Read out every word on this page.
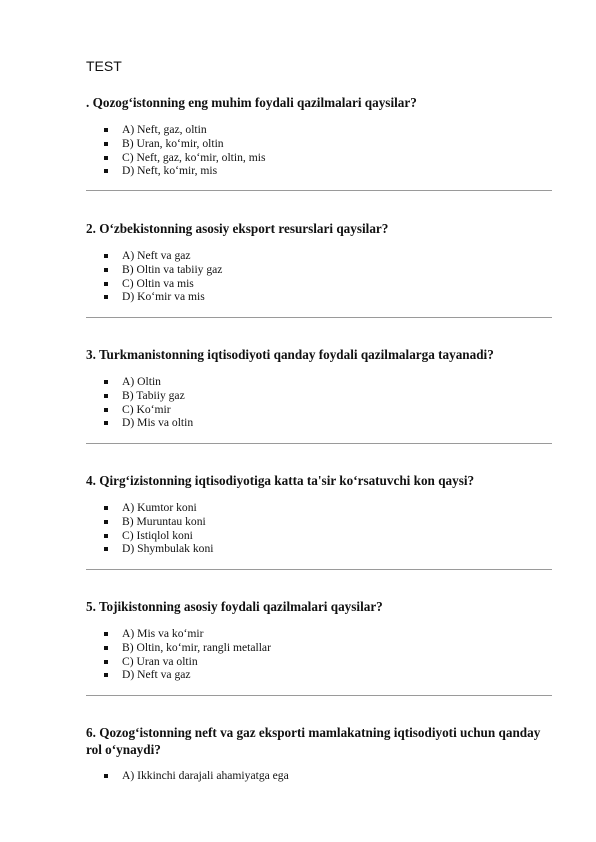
TEST
. Qozog‘istonning eng muhim foydali qazilmalari qaysilar?
A) Neft, gaz, oltin
B) Uran, ko‘mir, oltin
C) Neft, gaz, ko‘mir, oltin, mis
D) Neft, ko‘mir, mis
2. O‘zbekistonning asosiy eksport resurslari qaysilar?
A) Neft va gaz
B) Oltin va tabiiy gaz
C) Oltin va mis
D) Ko‘mir va mis
3. Turkmanistonning iqtisodiyoti qanday foydali qazilmalarga tayanadi?
A) Oltin
B) Tabiiy gaz
C) Ko‘mir
D) Mis va oltin
4. Qirg‘izistonning iqtisodiyotiga katta ta'sir ko‘rsatuvchi kon qaysi?
A) Kumtor koni
B) Muruntau koni
C) Istiqlol koni
D) Shymbulak koni
5. Tojikistonning asosiy foydali qazilmalari qaysilar?
A) Mis va ko‘mir
B) Oltin, ko‘mir, rangli metallar
C) Uran va oltin
D) Neft va gaz
6. Qozog‘istonning neft va gaz eksporti mamlakatning iqtisodiyoti uchun qanday rol o‘ynaydi?
A) Ikkinchi darajali ahamiyatga ega
